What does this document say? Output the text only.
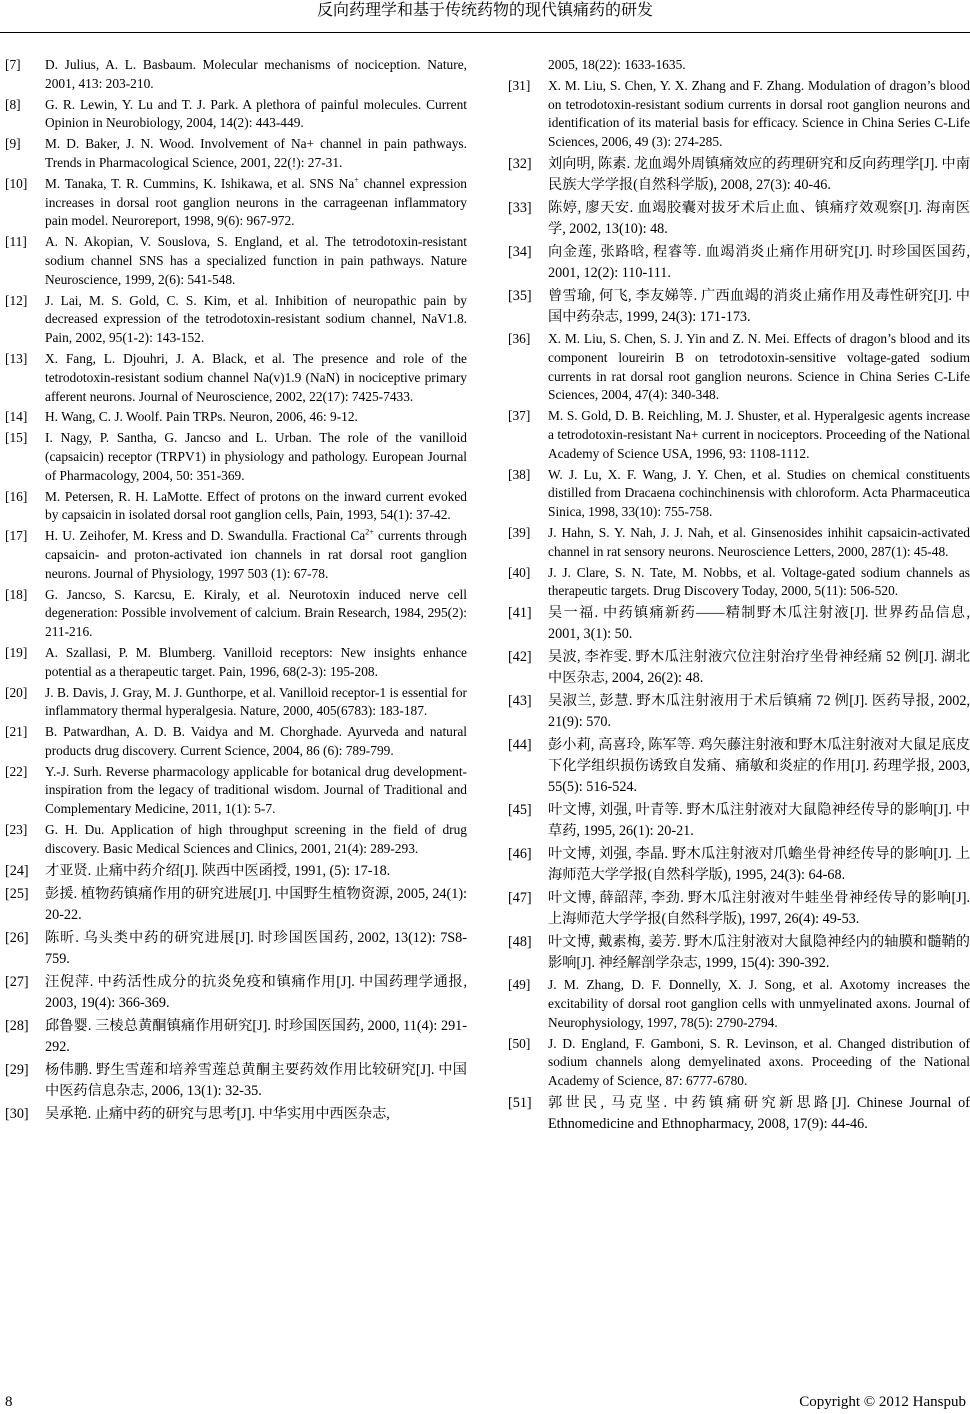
反向药理学和基于传统药物的现代镇痛药的研发
[7]	D. Julius, A. L. Basbaum. Molecular mechanisms of nociception. Nature, 2001, 413: 203-210.
[8]	G. R. Lewin, Y. Lu and T. J. Park. A plethora of painful molecules. Current Opinion in Neurobiology, 2004, 14(2): 443-449.
[9]	M. D. Baker, J. N. Wood. Involvement of Na+ channel in pain pathways. Trends in Pharmacological Science, 2001, 22(!): 27-31.
[10]	M. Tanaka, T. R. Cummins, K. Ishikawa, et al. SNS Na+ channel expression increases in dorsal root ganglion neurons in the carrageenan inflammatory pain model. Neuroreport, 1998, 9(6): 967-972.
[11]	A. N. Akopian, V. Souslova, S. England, et al. The tetrodotoxin-resistant sodium channel SNS has a specialized function in pain pathways. Nature Neuroscience, 1999, 2(6): 541-548.
[12]	J. Lai, M. S. Gold, C. S. Kim, et al. Inhibition of neuropathic pain by decreased expression of the tetrodotoxin-resistant sodium channel, NaV1.8. Pain, 2002, 95(1-2): 143-152.
[13]	X. Fang, L. Djouhri, J. A. Black, et al. The presence and role of the tetrodotoxin-resistant sodium channel Na(v)1.9 (NaN) in nociceptive primary afferent neurons. Journal of Neuroscience, 2002, 22(17): 7425-7433.
[14]	H. Wang, C. J. Woolf. Pain TRPs. Neuron, 2006, 46: 9-12.
[15]	I. Nagy, P. Santha, G. Jancso and L. Urban. The role of the vanilloid (capsaicin) receptor (TRPV1) in physiology and pathology. European Journal of Pharmacology, 2004, 50: 351-369.
[16]	M. Petersen, R. H. LaMotte. Effect of protons on the inward current evoked by capsaicin in isolated dorsal root ganglion cells, Pain, 1993, 54(1): 37-42.
[17]	H. U. Zeihofer, M. Kress and D. Swandulla. Fractional $Ca^{2+}$ currents through capsaicin- and proton-activated ion channels in rat dorsal root ganglion neurons. Journal of Physiology, 1997 503 (1): 67-78.
[18]	G. Jancso, S. Karcsu, E. Kiraly, et al. Neurotoxin induced nerve cell degeneration: Possible involvement of calcium. Brain Research, 1984, 295(2): 211-216.
[19]	A. Szallasi, P. M. Blumberg. Vanilloid receptors: New insights enhance potential as a therapeutic target. Pain, 1996, 68(2-3): 195-208.
[20]	J. B. Davis, J. Gray, M. J. Gunthorpe, et al. Vanilloid receptor-1 is essential for inflammatory thermal hyperalgesia. Nature, 2000, 405(6783): 183-187.
[21]	B. Patwardhan, A. D. B. Vaidya and M. Chorghade. Ayurveda and natural products drug discovery. Current Science, 2004, 86 (6): 789-799.
[22]	Y.-J. Surh. Reverse pharmacology applicable for botanical drug development-inspiration from the legacy of traditional wisdom. Journal of Traditional and Complementary Medicine, 2011, 1(1): 5-7.
[23]	G. H. Du. Application of high throughput screening in the field of drug discovery. Basic Medical Sciences and Clinics, 2001, 21(4): 289-293.
[24]	才亚贤. 止痛中药介绍[J]. 陕西中医函授, 1991, (5): 17-18.
[25]	彭援. 植物药镇痛作用的研究进展[J]. 中国野生植物资源, 2005, 24(1): 20-22.
[26]	陈昕. 乌头类中药的研究进展[J]. 时珍国医国药, 2002, 13(12): 7S8-759.
[27]	汪倪萍. 中药活性成分的抗炎免疫和镇痛作用[J]. 中国药理学通报, 2003, 19(4): 366-369.
[28]	邱鲁婴. 三棱总黄酮镇痛作用研究[J]. 时珍国医国药, 2000, 11(4): 291-292.
[29]	杨伟鹏. 野生雪莲和培养雪莲总黄酮主要药效作用比较研究[J]. 中国中医药信息杂志, 2006, 13(1): 32-35.
[30]	吴承艳. 止痛中药的研究与思考[J]. 中华实用中西医杂志,
2005, 18(22): 1633-1635.
[31]	X. M. Liu, S. Chen, Y. X. Zhang and F. Zhang. Modulation of dragon’s blood on tetrodotoxin-resistant sodium currents in dorsal root ganglion neurons and identification of its material basis for efficacy. Science in China Series C-Life Sciences, 2006, 49 (3): 274-285.
[32]	刘向明, 陈素. 龙血竭外周镇痛效应的药理研究和反向药理学[J]. 中南民族大学学报(自然科学版), 2008, 27(3): 40-46.
[33]	陈婷, 廖天安. 血竭胶囊对拔牙术后止血、镇痛疗效观察[J]. 海南医学, 2002, 13(10): 48.
[34]	向金莲, 张路晗, 程睿等. 血竭消炎止痛作用研究[J]. 时珍国医国药, 2001, 12(2): 110-111.
[35]	曾雪瑜, 何飞, 李友娣等. 广西血竭的消炎止痛作用及毒性研究[J]. 中国中药杂志, 1999, 24(3): 171-173.
[36]	X. M. Liu, S. Chen, S. J. Yin and Z. N. Mei. Effects of dragon’s blood and its component loureirin B on tetrodotoxin-sensitive voltage-gated sodium currents in rat dorsal root ganglion neurons. Science in China Series C-Life Sciences, 2004, 47(4): 340-348.
[37]	M. S. Gold, D. B. Reichling, M. J. Shuster, et al. Hyperalgesic agents increase a tetrodotoxin-resistant Na+ current in nociceptors. Proceeding of the National Academy of Science USA, 1996, 93: 1108-1112.
[38]	W. J. Lu, X. F. Wang, J. Y. Chen, et al. Studies on chemical constituents distilled from Dracaena cochinchinensis with chloroform. Acta Pharmaceutica Sinica, 1998, 33(10): 755-758.
[39]	J. Hahn, S. Y. Nah, J. J. Nah, et al. Ginsenosides inhihit capsaicin-activated channel in rat sensory neurons. Neuroscience Letters, 2000, 287(1): 45-48.
[40]	J. J. Clare, S. N. Tate, M. Nobbs, et al. Voltage-gated sodium channels as therapeutic targets. Drug Discovery Today, 2000, 5(11): 506-520.
[41]	吴一福. 中药镇痛新药——精制野木瓜注射液[J]. 世界药品信息, 2001, 3(1): 50.
[42]	吴波, 李祚雯. 野木瓜注射液穴位注射治疗坐骨神经痛 52 例[J]. 湖北中医杂志, 2004, 26(2): 48.
[43]	吴淑兰, 彭慧. 野木瓜注射液用于术后镇痛 72 例[J]. 医药导报, 2002, 21(9): 570.
[44]	彭小莉, 高喜玲, 陈军等. 鸡矢藤注射液和野木瓜注射液对大鼠足底皮下化学组织损伤诱致自发痛、痛敏和炎症的作用[J]. 药理学报, 2003, 55(5): 516-524.
[45]	叶文博, 刘强, 叶青等. 野木瓜注射液对大鼠隐神经传导的影响[J]. 中草药, 1995, 26(1): 20-21.
[46]	叶文博, 刘强, 李晶. 野木瓜注射液对爪蟾坐骨神经传导的影响[J]. 上海师范大学学报(自然科学版), 1995, 24(3): 64-68.
[47]	叶文博, 薛韶萍, 李劲. 野木瓜注射液对牛蛙坐骨神经传导的影响[J]. 上海师范大学学报(自然科学版), 1997, 26(4): 49-53.
[48]	叶文博, 戴素梅, 姜芳. 野木瓜注射液对大鼠隐神经内的轴膜和髓鞘的影响[J]. 神经解剖学杂志, 1999, 15(4): 390-392.
[49]	J. M. Zhang, D. F. Donnelly, X. J. Song, et al. Axotomy increases the excitability of dorsal root ganglion cells with unmyelinated axons. Journal of Neurophysiology, 1997, 78(5): 2790-2794.
[50]	J. D. England, F. Gamboni, S. R. Levinson, et al. Changed distribution of sodium channels along demyelinated axons. Proceeding of the National Academy of Science, 87: 6777-6780.
[51]	郭世民, 马克坚. 中药镇痛研究新思路[J]. Chinese Journal of Ethnomedicine and Ethnopharmacy, 2008, 17(9): 44-46.
8	Copyright © 2012 Hanspub
